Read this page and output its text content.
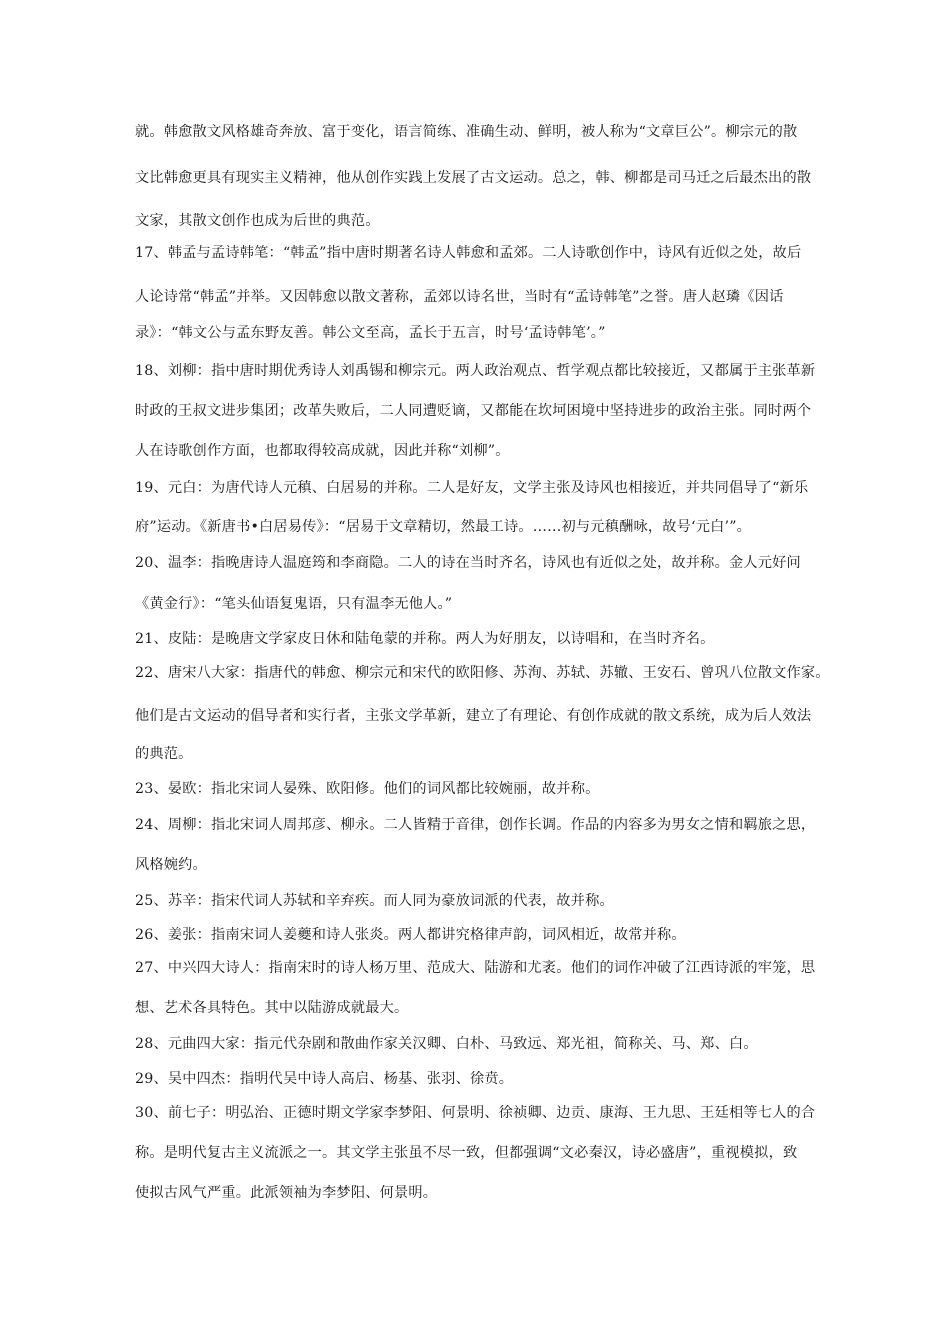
就。韩愈散文风格雄奇奔放、富于变化，语言简练、准确生动、鲜明，被人称为“文章巨公”。柳宗元的散
文比韩愈更具有现实主义精神，他从创作实践上发展了古文运动。总之，韩、柳都是司马迁之后最杰出的散
文家，其散文创作也成为后世的典范。
17、韩孟与孟诗韩笔：“韩孟”指中唐时期著名诗人韩愈和孟郊。二人诗歌创作中，诗风有近似之处，故后
人论诗常“韩孟”并举。又因韩愈以散文著称，孟郊以诗名世，当时有“孟诗韩笔”之誉。唐人赵璘《因话
录》：“韩文公与孟东野友善。韩公文至高，孟长于五言，时号‘孟诗韩笔’。”
18、刘柳：指中唐时期优秀诗人刘禹锡和柳宗元。两人政治观点、哲学观点都比较接近，又都属于主张革新
时政的王叔文进步集团；改革失败后，二人同遭贬谪，又都能在坎坷困境中坚持进步的政治主张。同时两个
人在诗歌创作方面，也都取得较高成就，因此并称“刘柳”。
19、元白：为唐代诗人元稹、白居易的并称。二人是好友，文学主张及诗风也相接近，并共同倡导了“新乐
府”运动。《新唐书•白居易传》：“居易于文章精切，然最工诗。……初与元稹酬咏，故号‘元白’”。
20、温李：指晚唐诗人温庭筠和李商隐。二人的诗在当时齐名，诗风也有近似之处，故并称。金人元好问
《黄金行》：“笔头仙语复鬼语，只有温李无他人。”
21、皮陆：是晚唐文学家皮日休和陆龟蒙的并称。两人为好朋友，以诗唱和，在当时齐名。
22、唐宋八大家：指唐代的韩愈、柳宗元和宋代的欧阳修、苏洵、苏轼、苏辙、王安石、曾巩八位散文作家。
他们是古文运动的倡导者和实行者，主张文学革新，建立了有理论、有创作成就的散文系统，成为后人效法
的典范。
23、晏欧：指北宋词人晏殊、欧阳修。他们的词风都比较婉丽，故并称。
24、周柳：指北宋词人周邦彦、柳永。二人皆精于音律，创作长调。作品的内容多为男女之情和羁旅之思，
风格婉约。
25、苏辛：指宋代词人苏轼和辛弃疾。而人同为豪放词派的代表，故并称。
26、姜张：指南宋词人姜夔和诗人张炎。两人都讲究格律声韵，词风相近，故常并称。
27、中兴四大诗人：指南宋时的诗人杨万里、范成大、陆游和尤袤。他们的词作冲破了江西诗派的牢笼，思
想、艺术各具特色。其中以陆游成就最大。
28、元曲四大家：指元代杂剧和散曲作家关汉卿、白朴、马致远、郑光祖，简称关、马、郑、白。
29、吴中四杰：指明代吴中诗人高启、杨基、张羽、徐贲。
30、前七子：明弘治、正德时期文学家李梦阳、何景明、徐祯卿、边贡、康海、王九思、王廷相等七人的合
称。是明代复古主义流派之一。其文学主张虽不尽一致，但都强调“文必秦汉，诗必盛唐”，重视模拟，致
使拟古风气严重。此派领袖为李梦阳、何景明。
